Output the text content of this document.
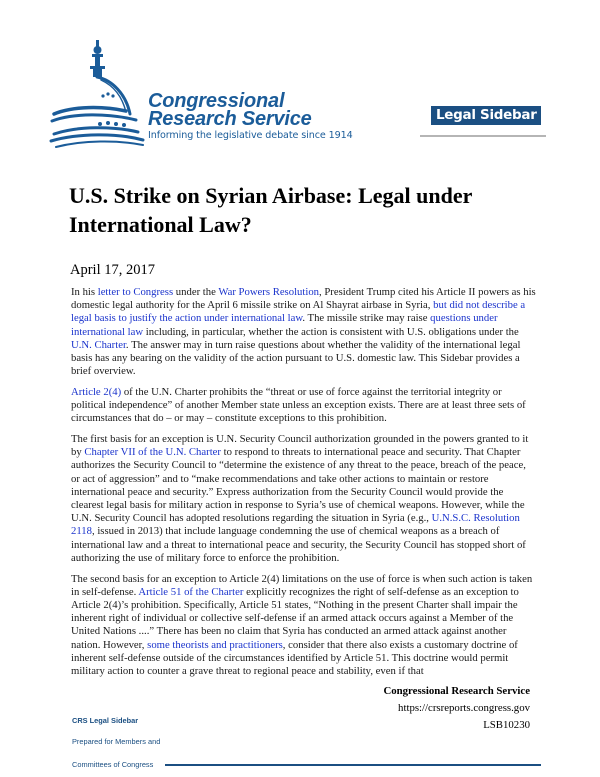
Congressional
Research Service
Informing the legislative debate since 1914
Legal Sidebar
U.S. Strike on Syrian Airbase: Legal under International Law?
April 17, 2017

In his letter to Congress under the War Powers Resolution, President Trump cited his Article II powers as his domestic legal authority for the April 6 missile strike on Al Shayrat airbase in Syria, but did not describe a legal basis to justify the action under international law. The missile strike may raise questions under international law including, in particular, whether the action is consistent with U.S. obligations under the U.N. Charter. The answer may in turn raise questions about whether the validity of the international legal basis has any bearing on the validity of the action pursuant to U.S. domestic law. This Sidebar provides a brief overview.

Article 2(4) of the U.N. Charter prohibits the “threat or use of force against the territorial integrity or political independence” of another Member state unless an exception exists. There are at least three sets of circumstances that do – or may – constitute exceptions to this prohibition.

The first basis for an exception is U.N. Security Council authorization grounded in the powers granted to it by Chapter VII of the U.N. Charter to respond to threats to international peace and security. That Chapter authorizes the Security Council to “determine the existence of any threat to the peace, breach of the peace, or act of aggression” and to “make recommendations and take other actions to maintain or restore international peace and security.” Express authorization from the Security Council would provide the clearest legal basis for military action in response to Syria’s use of chemical weapons. However, while the U.N. Security Council has adopted resolutions regarding the situation in Syria (e.g., U.N.S.C. Resolution 2118, issued in 2013) that include language condemning the use of chemical weapons as a breach of international law and a threat to international peace and security, the Security Council has stopped short of authorizing the use of military force to enforce the prohibition.

The second basis for an exception to Article 2(4) limitations on the use of force is when such action is taken in self-defense. Article 51 of the Charter explicitly recognizes the right of self-defense as an exception to Article 2(4)’s prohibition. Specifically, Article 51 states, “Nothing in the present Charter shall impair the inherent right of individual or collective self-defense if an armed attack occurs against a Member of the United Nations ....” There has been no claim that Syria has conducted an armed attack against another nation. However, some theorists and practitioners, consider that there also exists a customary doctrine of inherent self-defense outside of the circumstances identified by Article 51. This doctrine would permit military action to counter a grave threat to regional peace and stability, even if that

Congressional Research Service
https://crsreports.congress.gov
LSB10230
CRS Legal Sidebar
Prepared for Members and
Committees of Congress
